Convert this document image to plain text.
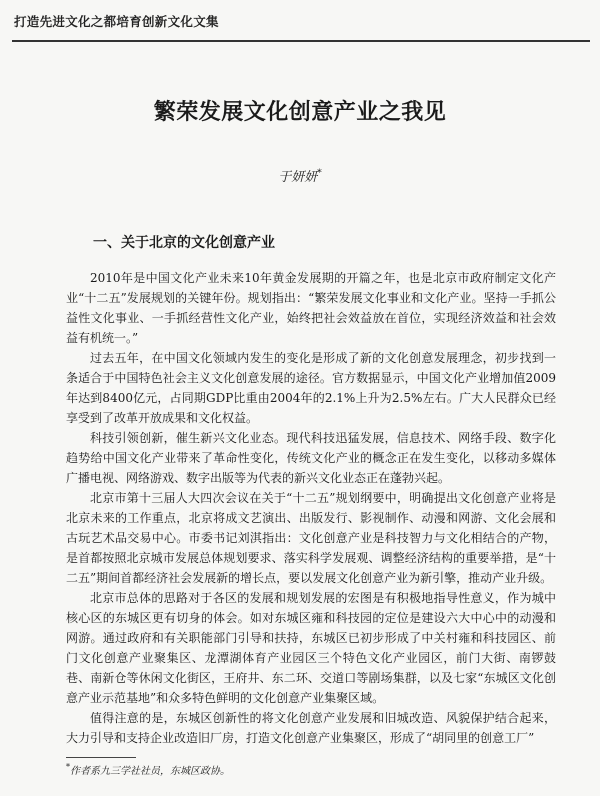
打造先进文化之都培育创新文化文集
繁荣发展文化创意产业之我见
于妍妍*
一、关于北京的文化创意产业

2010年是中国文化产业未来10年黄金发展期的开篇之年，也是北京市政府制定文化产业“十二五”发展规划的关键年份。规划指出：“繁荣发展文化事业和文化产业。坚持一手抓公益性文化事业、一手抓经营性文化产业，始终把社会效益放在首位，实现经济效益和社会效益有机统一。”

过去五年，在中国文化领域内发生的变化是形成了新的文化创意发展理念，初步找到一条适合于中国特色社会主义文化创意发展的途径。官方数据显示，中国文化产业增加值2009年达到8400亿元，占同期GDP比重由2004年的2.1%上升为2.5%左右。广大人民群众已经享受到了改革开放成果和文化权益。

科技引领创新，催生新兴文化业态。现代科技迅猛发展，信息技术、网络手段、数字化趋势给中国文化产业带来了革命性变化，传统文化产业的概念正在发生变化，以移动多媒体广播电视、网络游戏、数字出版等为代表的新兴文化业态正在蓬勃兴起。

北京市第十三届人大四次会议在关于“十二五”规划纲要中，明确提出文化创意产业将是北京未来的工作重点，北京将成文艺演出、出版发行、影视制作、动漫和网游、文化会展和古玩艺术品交易中心。市委书记刘淇指出：文化创意产业是科技智力与文化相结合的产物，是首都按照北京城市发展总体规划要求、落实科学发展观、调整经济结构的重要举措，是“十二五”期间首都经济社会发展新的增长点，要以发展文化创意产业为新引擎，推动产业升级。

北京市总体的思路对于各区的发展和规划发展的宏图是有积极地指导性意义，作为城中核心区的东城区更有切身的体会。如对东城区雍和科技园的定位是建设六大中心中的动漫和网游。通过政府和有关职能部门引导和扶持，东城区已初步形成了中关村雍和科技园区、前门文化创意产业聚集区、龙潭湖体育产业园区三个特色文化产业园区，前门大街、南锣鼓巷、南新仓等休闲文化街区，王府井、东二环、交道口等剧场集群，以及七家“东城区文化创意产业示范基地”和众多特色鲜明的文化创意产业集聚区域。

值得注意的是，东城区创新性的将文化创意产业发展和旧城改造、风貌保护结合起来，大力引导和支持企业改造旧厂房，打造文化创意产业集聚区，形成了“胡同里的创意工厂”

*作者系九三学社社员，东城区政协。
